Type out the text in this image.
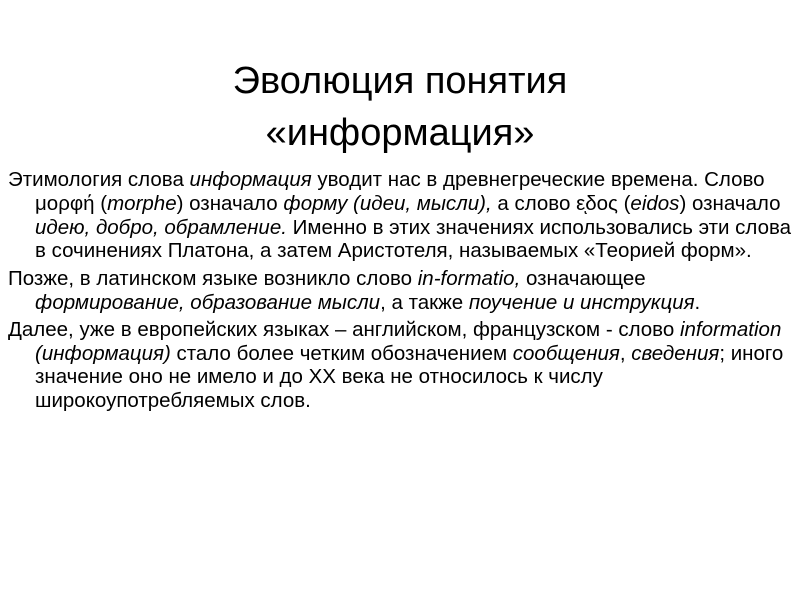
Эволюция понятия
«информация»

Этимология слова информация уводит нас в древнегреческие времена. Слово μορφή (morphe) означало форму (идеи, мысли), а слово εͅδος (eidos) означало идею, добро, обрамление. Именно в этих значениях использовались эти слова в сочинениях Платона, а затем Аристотеля, называемых «Теорией форм».

Позже, в латинском языке возникло слово in-formatio, означающее формирование, образование мысли, а также поучение и инструкция.

Далее, уже в европейских языках – английском, французском - слово information (информация) стало более четким обозначением сообщения, сведения; иного значение оно не имело и до XX века не относилось к числу широкоупотребляемых слов.
